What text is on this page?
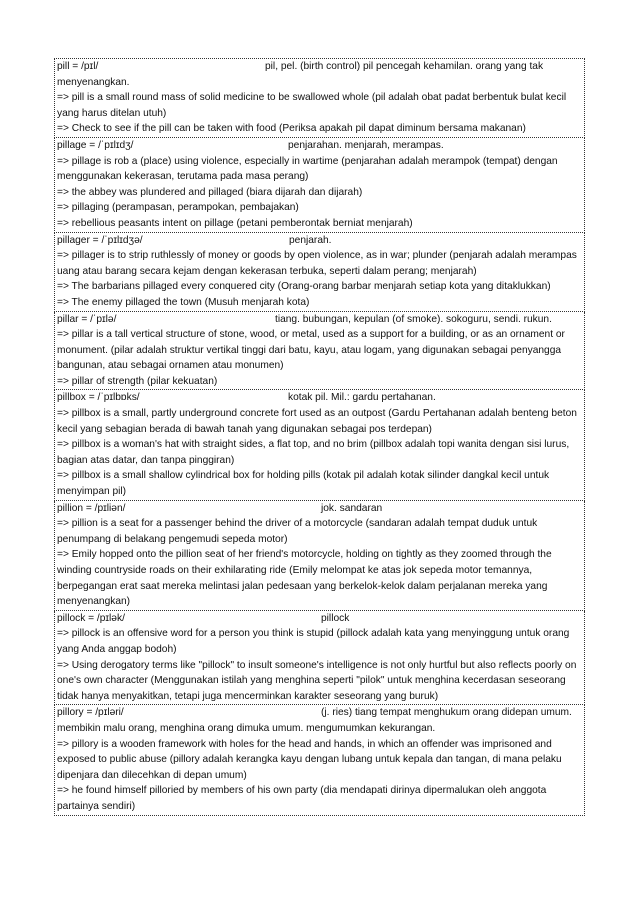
pill = /pɪl/	pil, pel. (birth control) pil pencegah kehamilan. orang yang tak menyenangkan.

=> pill is a small round mass of solid medicine to be swallowed whole (pil adalah obat padat berbentuk bulat kecil yang harus ditelan utuh)

=> Check to see if the pill can be taken with food (Periksa apakah pil dapat diminum bersama makanan)

pillage = /ˈpɪlɪdʒ/	penjarahan. menjarah, merampas.

=> pillage is rob a (place) using violence, especially in wartime (penjarahan adalah merampok (tempat) dengan menggunakan kekerasan, terutama pada masa perang)

=> the abbey was plundered and pillaged (biara dijarah dan dijarah)

=> pillaging (perampasan, perampokan, pembajakan)

=> rebellious peasants intent on pillage (petani pemberontak berniat menjarah)

pillager = /ˈpɪlɪdʒə/	penjarah.

=> pillager is to strip ruthlessly of money or goods by open violence, as in war; plunder (penjarah adalah merampas uang atau barang secara kejam dengan kekerasan terbuka, seperti dalam perang; menjarah)

=> The barbarians pillaged every conquered city (Orang-orang barbar menjarah setiap kota yang ditaklukkan)

=> The enemy pillaged the town (Musuh menjarah kota)

pillar = /ˈpɪlə/	tiang. bubungan, kepulan (of smoke). sokoguru, sendi. rukun.

=> pillar is a tall vertical structure of stone, wood, or metal, used as a support for a building, or as an ornament or monument. (pilar adalah struktur vertikal tinggi dari batu, kayu, atau logam, yang digunakan sebagai penyangga bangunan, atau sebagai ornamen atau monumen)

=> pillar of strength (pilar kekuatan)

pillbox = /ˈpɪlbɒks/	kotak pil. Mil.: gardu pertahanan.

=> pillbox is a small, partly underground concrete fort used as an outpost (Gardu Pertahanan adalah benteng beton kecil yang sebagian berada di bawah tanah yang digunakan sebagai pos terdepan)

=> pillbox is a woman's hat with straight sides, a flat top, and no brim (pillbox adalah topi wanita dengan sisi lurus, bagian atas datar, dan tanpa pinggiran)

=> pillbox is a small shallow cylindrical box for holding pills (kotak pil adalah kotak silinder dangkal kecil untuk menyimpan pil)

pillion = /pɪliən/	jok. sandaran

=> pillion is a seat for a passenger behind the driver of a motorcycle (sandaran adalah tempat duduk untuk penumpang di belakang pengemudi sepeda motor)

=> Emily hopped onto the pillion seat of her friend's motorcycle, holding on tightly as they zoomed through the winding countryside roads on their exhilarating ride (Emily melompat ke atas jok sepeda motor temannya, berpegangan erat saat mereka melintasi jalan pedesaan yang berkelok-kelok dalam perjalanan mereka yang menyenangkan)

pillock = /pɪlək/	pillock

=> pillock is an offensive word for a person you think is stupid (pillock adalah kata yang menyinggung untuk orang yang Anda anggap bodoh)

=> Using derogatory terms like "pillock" to insult someone's intelligence is not only hurtful but also reflects poorly on one's own character (Menggunakan istilah yang menghina seperti "pilok" untuk menghina kecerdasan seseorang tidak hanya menyakitkan, tetapi juga mencerminkan karakter seseorang yang buruk)

pillory = /pɪləri/	(j. ries) tiang tempat menghukum orang didepan umum. membikin malu orang, menghina orang dimuka umum. mengumumkan kekurangan.

=> pillory is a wooden framework with holes for the head and hands, in which an offender was imprisoned and exposed to public abuse (pillory adalah kerangka kayu dengan lubang untuk kepala dan tangan, di mana pelaku dipenjara dan dilecehkan di depan umum)

=> he found himself pilloried by members of his own party (dia mendapati dirinya dipermalukan oleh anggota partainya sendiri)
